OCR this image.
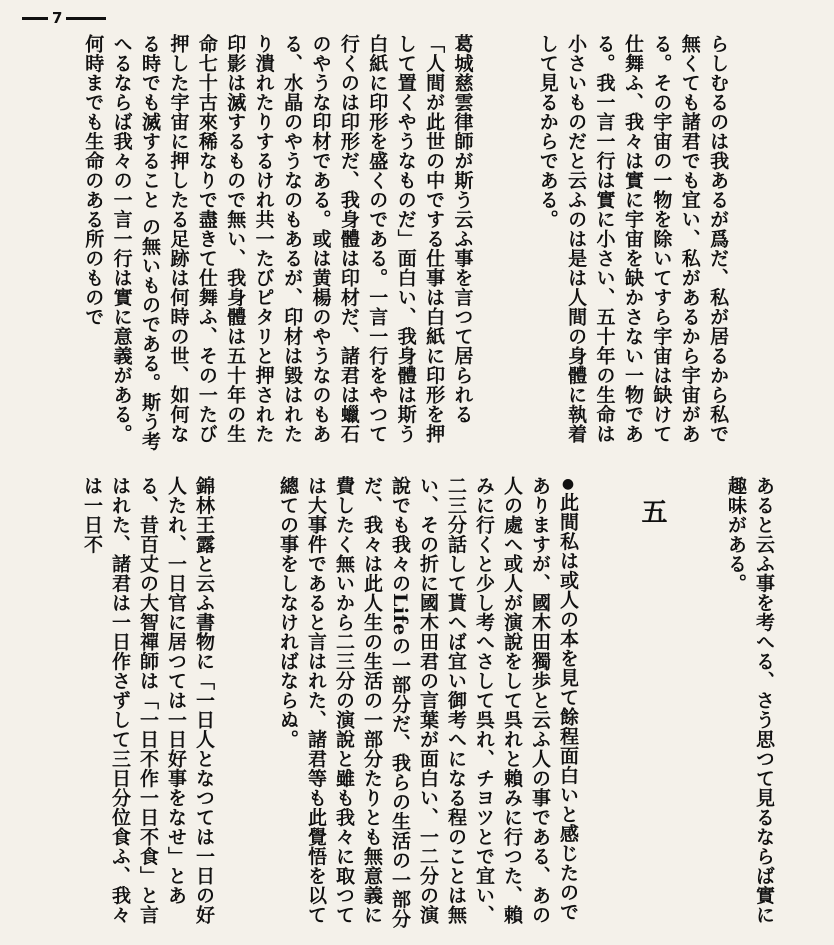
7

らしむるのは我あるが爲だ、私が居るから私で無くても諸君でも宜い、私があるから宇宙がある。その宇宙の一物を除いてすら宇宙は缺けて仕舞ふ、我々は實に宇宙を缺かさない一物である。我一言一行は實に小さい、五十年の生命は小さいものだと云ふのは是は人間の身體に執着して見るからである。

葛城慈雲律師が斯う云ふ事を言つて居られる「人間が此世の中でする仕事は白紙に印形を押して置くやうなものだ」面白い、我身體は斯う白紙に印形を盛くのである。一言一行をやつて行くのは印形だ、我身體は印材だ、諸君は蠟石のやうな印材である。或は黄楊のやうなのもある、水晶のやうなのもあるが、印材は毀はれたり潰れたりするけれ共一たびピタリと押された印影は滅するもので無い、我身體は五十年の生命七十古來稀なりで盡きて仕舞ふ、その一たび押した宇宙に押したる足跡は何時の世、如何なる時でも滅すること の無いものである。斯う考へるならば我々の一言一行は實に意義がある。何時までも生命のある所のもので

あると云ふ事を考へる、さう思つて見るならば實に趣味がある。

五

●此間私は或人の本を見て餘程面白いと感じたのでありますが、國木田獨歩と云ふ人の事である、あの人の處へ或人が演說をして呉れと賴みに行つた、賴みに行くと少し考へさして呉れ、チヨツとで宜い、二三分話して貰へば宜い御考へになる程のことは無い、その折に國木田君の言葉が面白い、一二分の演說でも我々のLifeの一部分だ、我らの生活の一部分だ、我々は此人生の生活の一部分たりとも無意義に費したく無いから二三分の演說と雖も我々に取つては大事件であると言はれた、諸君等も此覺悟を以て總ての事をしなければならぬ。

錦林王露と云ふ書物に「一日人となつては一日の好人たれ、一日官に居つては一日好事をなせ」とある、昔百丈の大智禪師は「一日不作一日不食」と言はれた、諸君は一日作さずして三日分位食ふ、我々は一日不
